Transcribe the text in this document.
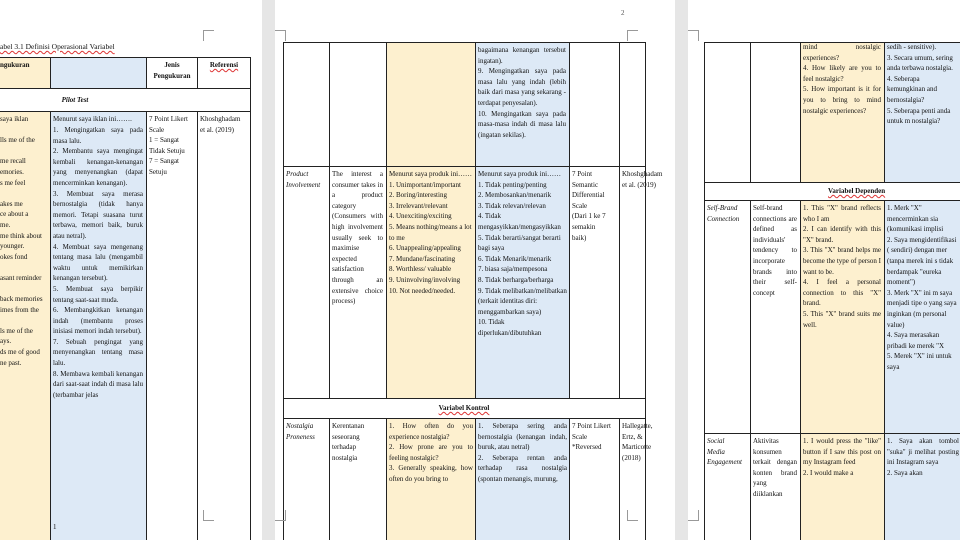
abel 3.1 Definisi Operasional Variabel
ngukuran	Jenis
Pengukuran
Referensi
Pilot Test
saya iklan

lls me of the

me recall
emories.
s me feel

akes me
ce about a
me.
me think about
younger.
okes fond

asant reminder

back memories
imes from the

ls me of the
ays.
ds me of good
ne past.
Menurut saya iklan ini…….
1. Mengingatkan saya pada masa lalu.
2. Membantu saya mengingat kembali kenangan-kenangan yang menyenangkan (dapat mencerminkan kenangan).
3. Membuat saya merasa bernostalgia (tidak hanya memori. Tetapi suasana turut terbawa, memori baik, buruk atau netral).
4. Membuat saya mengenang tentang masa lalu (mengambil waktu untuk memikirkan kenangan tersebut).
5. Membuat saya berpikir tentang saat-saat muda.
6. Membangkitkan kenangan indah (membantu proses inisiasi memori indah tersebut).
7. Sebuah pengingat yang menyenangkan tentang masa lalu.
8. Membawa kembali kenangan dari saat-saat indah di masa lalu (terbambar jelas
7 Point Likert
Scale
1 = Sangat
Tidak Setuju
7 = Sangat
Setuju
Khoshghadam
et al. (2019)
1
2
bagaimana kenangan tersebut ingatan).
9. Mengingatkan saya pada masa lalu yang indah (lebih baik dari masa yang sekarang - terdapat penyesalan).
10. Mengingatkan saya pada masa-masa indah di masa lalu (ingatan sekilas).
Product
Involvement
The interest a consumer takes in a product category (Consumers with high involvement usually seek to maximise expected satisfaction through an extensive choice process)
Menurut saya produk ini……
1. Unimportant/important
2. Boring/interesting
3. Irrelevant/relevant
4. Unexciting/exciting
5. Means nothing/means a lot to me
6. Unappealing/appealing
7. Mundane/fascinating
8. Worthless/ valuable
9. Uninvolving/involving
10. Not needed/needed.
Menurut saya produk ini……
1. Tidak penting/penting
2. Membosankan/menarik
3. Tidak relevan/relevan
4. Tidak mengasyikkan/mengasyikkan
5. Tidak berarti/sangat berarti bagi saya
6. Tidak Menarik/menarik
7. biasa saja/mempesona
8. Tidak berharga/berharga
9. Tidak melibatkan/melibatkan (terkait identitas diri: menggambarkan saya)
10. Tidak diperlukan/dibutuhkan
7 Point
Semantic
Differential
Scale
(Dari 1 ke 7
semakin
baik)
Khoshghadam
et al. (2019)
Variabel Kontrol
Nostalgia
Proneness
Kerentanan
seseorang
terhadap
nostalgia
1. How often do you experience nostalgia?
2. How prone are you to feeling nostalgic?
3. Generally speaking, how often do you bring to
1. Seberapa sering anda bernostalgia (kenangan indah, buruk, atau netral)
2. Seberapa rentan anda terhadap rasa nostalgia (spontan menangis, murung,
7 Point Likert
Scale
*Reversed
Hallegatte,
Ertz, &
Marticotte
(2018)
mind nostalgic experiences?
4. How likely are you to feel nostalgic?
5. How important is it for you to bring to mind nostalgic experiences?
sedih - sensitive).
3. Secara umum, sering anda terbawa nostalgia.
4. Seberapa kemungkinan and bernostalgia?
5. Seberapa penti anda untuk m nostalgia?
Variabel Dependen
Self-Brand
Connection
Self-brand connections are defined as individuals' tendency to incorporate brands into their self-concept
1. This "X" brand reflects who I am
2. I can identify with this "X" brand.
3. This "X" brand helps me become the type of person I want to be.
4. I feel a personal connection to this "X" brand.
5. This "X" brand suits me well.
1. Merk "X" mencerminkan sia (komunikasi implisi
2. Saya mengidentifikasi ( sendiri) dengan mer (tanpa merek ini s tidak berdampak "eureka moment")
3. Merk "X" ini m saya menjadi tipe o yang saya inginkan (m personal value)
4. Saya merasakan pribadi ke merek "X
5. Merek "X" ini untuk saya
Social
Media
Engagement
Aktivitas konsumen terkait dengan konten brand yang diiklankan
1. I would press the "like" button if I saw this post on my Instagram feed
2. I would make a
1. Saya akan tombol "suka" ji melihat posting ini Instagram saya
2. Saya akan
